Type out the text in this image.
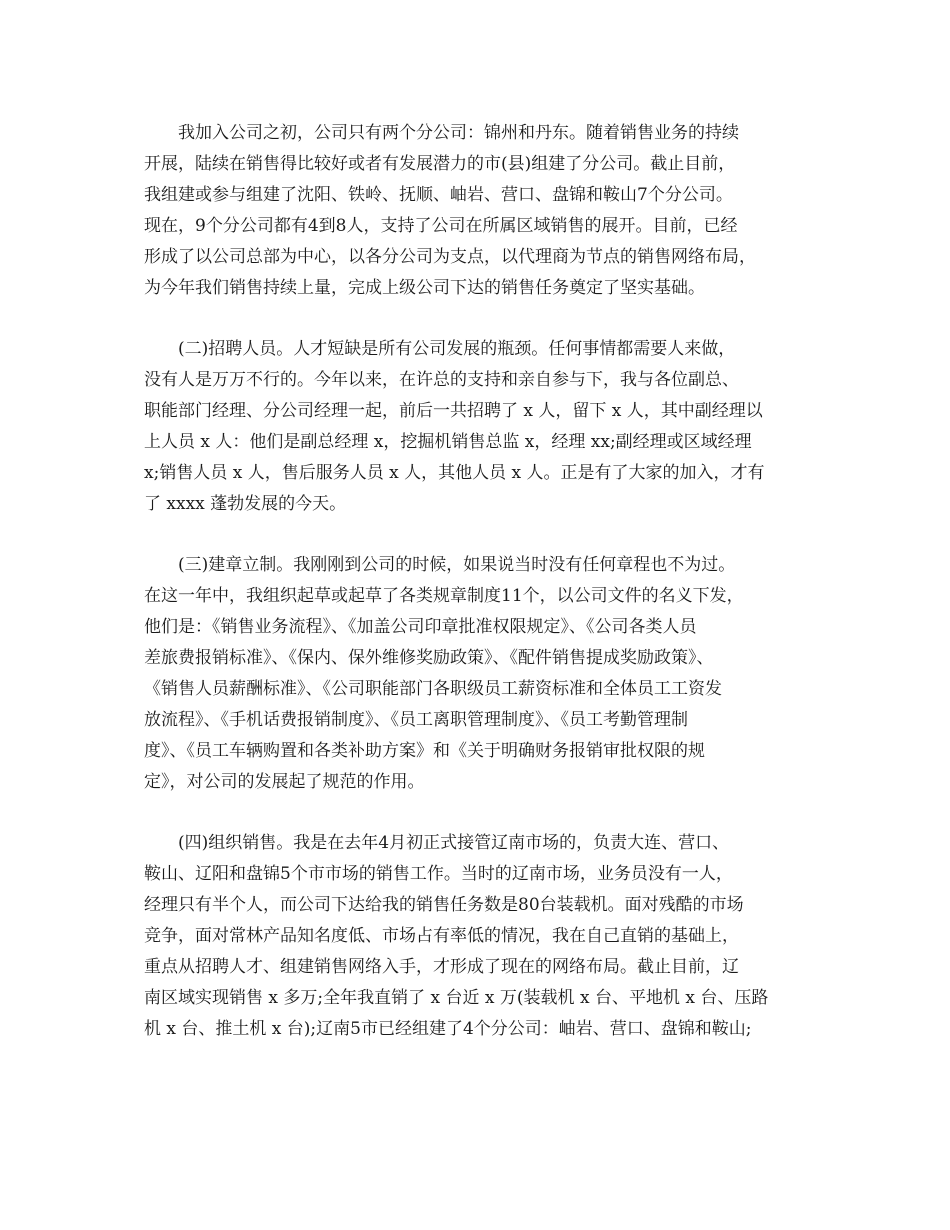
我加入公司之初，公司只有两个分公司：锦州和丹东。随着销售业务的持续
开展，陆续在销售得比较好或者有发展潜力的市(县)组建了分公司。截止目前，
我组建或参与组建了沈阳、铁岭、抚顺、岫岩、营口、盘锦和鞍山7个分公司。
现在，9个分公司都有4到8人，支持了公司在所属区域销售的展开。目前，已经
形成了以公司总部为中心，以各分公司为支点，以代理商为节点的销售网络布局，
为今年我们销售持续上量，完成上级公司下达的销售任务奠定了坚实基础。
(二)招聘人员。人才短缺是所有公司发展的瓶颈。任何事情都需要人来做，
没有人是万万不行的。今年以来，在许总的支持和亲自参与下，我与各位副总、
职能部门经理、分公司经理一起，前后一共招聘了 x 人，留下 x 人，其中副经理以
上人员 x 人：他们是副总经理 x，挖掘机销售总监 x，经理 xx;副经理或区域经理
x;销售人员 x 人，售后服务人员 x 人，其他人员 x 人。正是有了大家的加入，才有
了 xxxx 蓬勃发展的今天。
(三)建章立制。我刚刚到公司的时候，如果说当时没有任何章程也不为过。
在这一年中，我组织起草或起草了各类规章制度11个，以公司文件的名义下发，
他们是：《销售业务流程》、《加盖公司印章批准权限规定》、《公司各类人员
差旅费报销标准》、《保内、保外维修奖励政策》、《配件销售提成奖励政策》、
《销售人员薪酬标准》、《公司职能部门各职级员工薪资标准和全体员工工资发
放流程》、《手机话费报销制度》、《员工离职管理制度》、《员工考勤管理制
度》、《员工车辆购置和各类补助方案》和《关于明确财务报销审批权限的规
定》，对公司的发展起了规范的作用。
(四)组织销售。我是在去年4月初正式接管辽南市场的，负责大连、营口、
鞍山、辽阳和盘锦5个市市场的销售工作。当时的辽南市场，业务员没有一人，
经理只有半个人，而公司下达给我的销售任务数是80台装载机。面对残酷的市场
竞争，面对常林产品知名度低、市场占有率低的情况，我在自己直销的基础上，
重点从招聘人才、组建销售网络入手，才形成了现在的网络布局。截止目前，辽
南区域实现销售 x 多万;全年我直销了 x 台近 x 万(装载机 x 台、平地机 x 台、压路
机 x 台、推土机 x 台);辽南5市已经组建了4个分公司：岫岩、营口、盘锦和鞍山;
